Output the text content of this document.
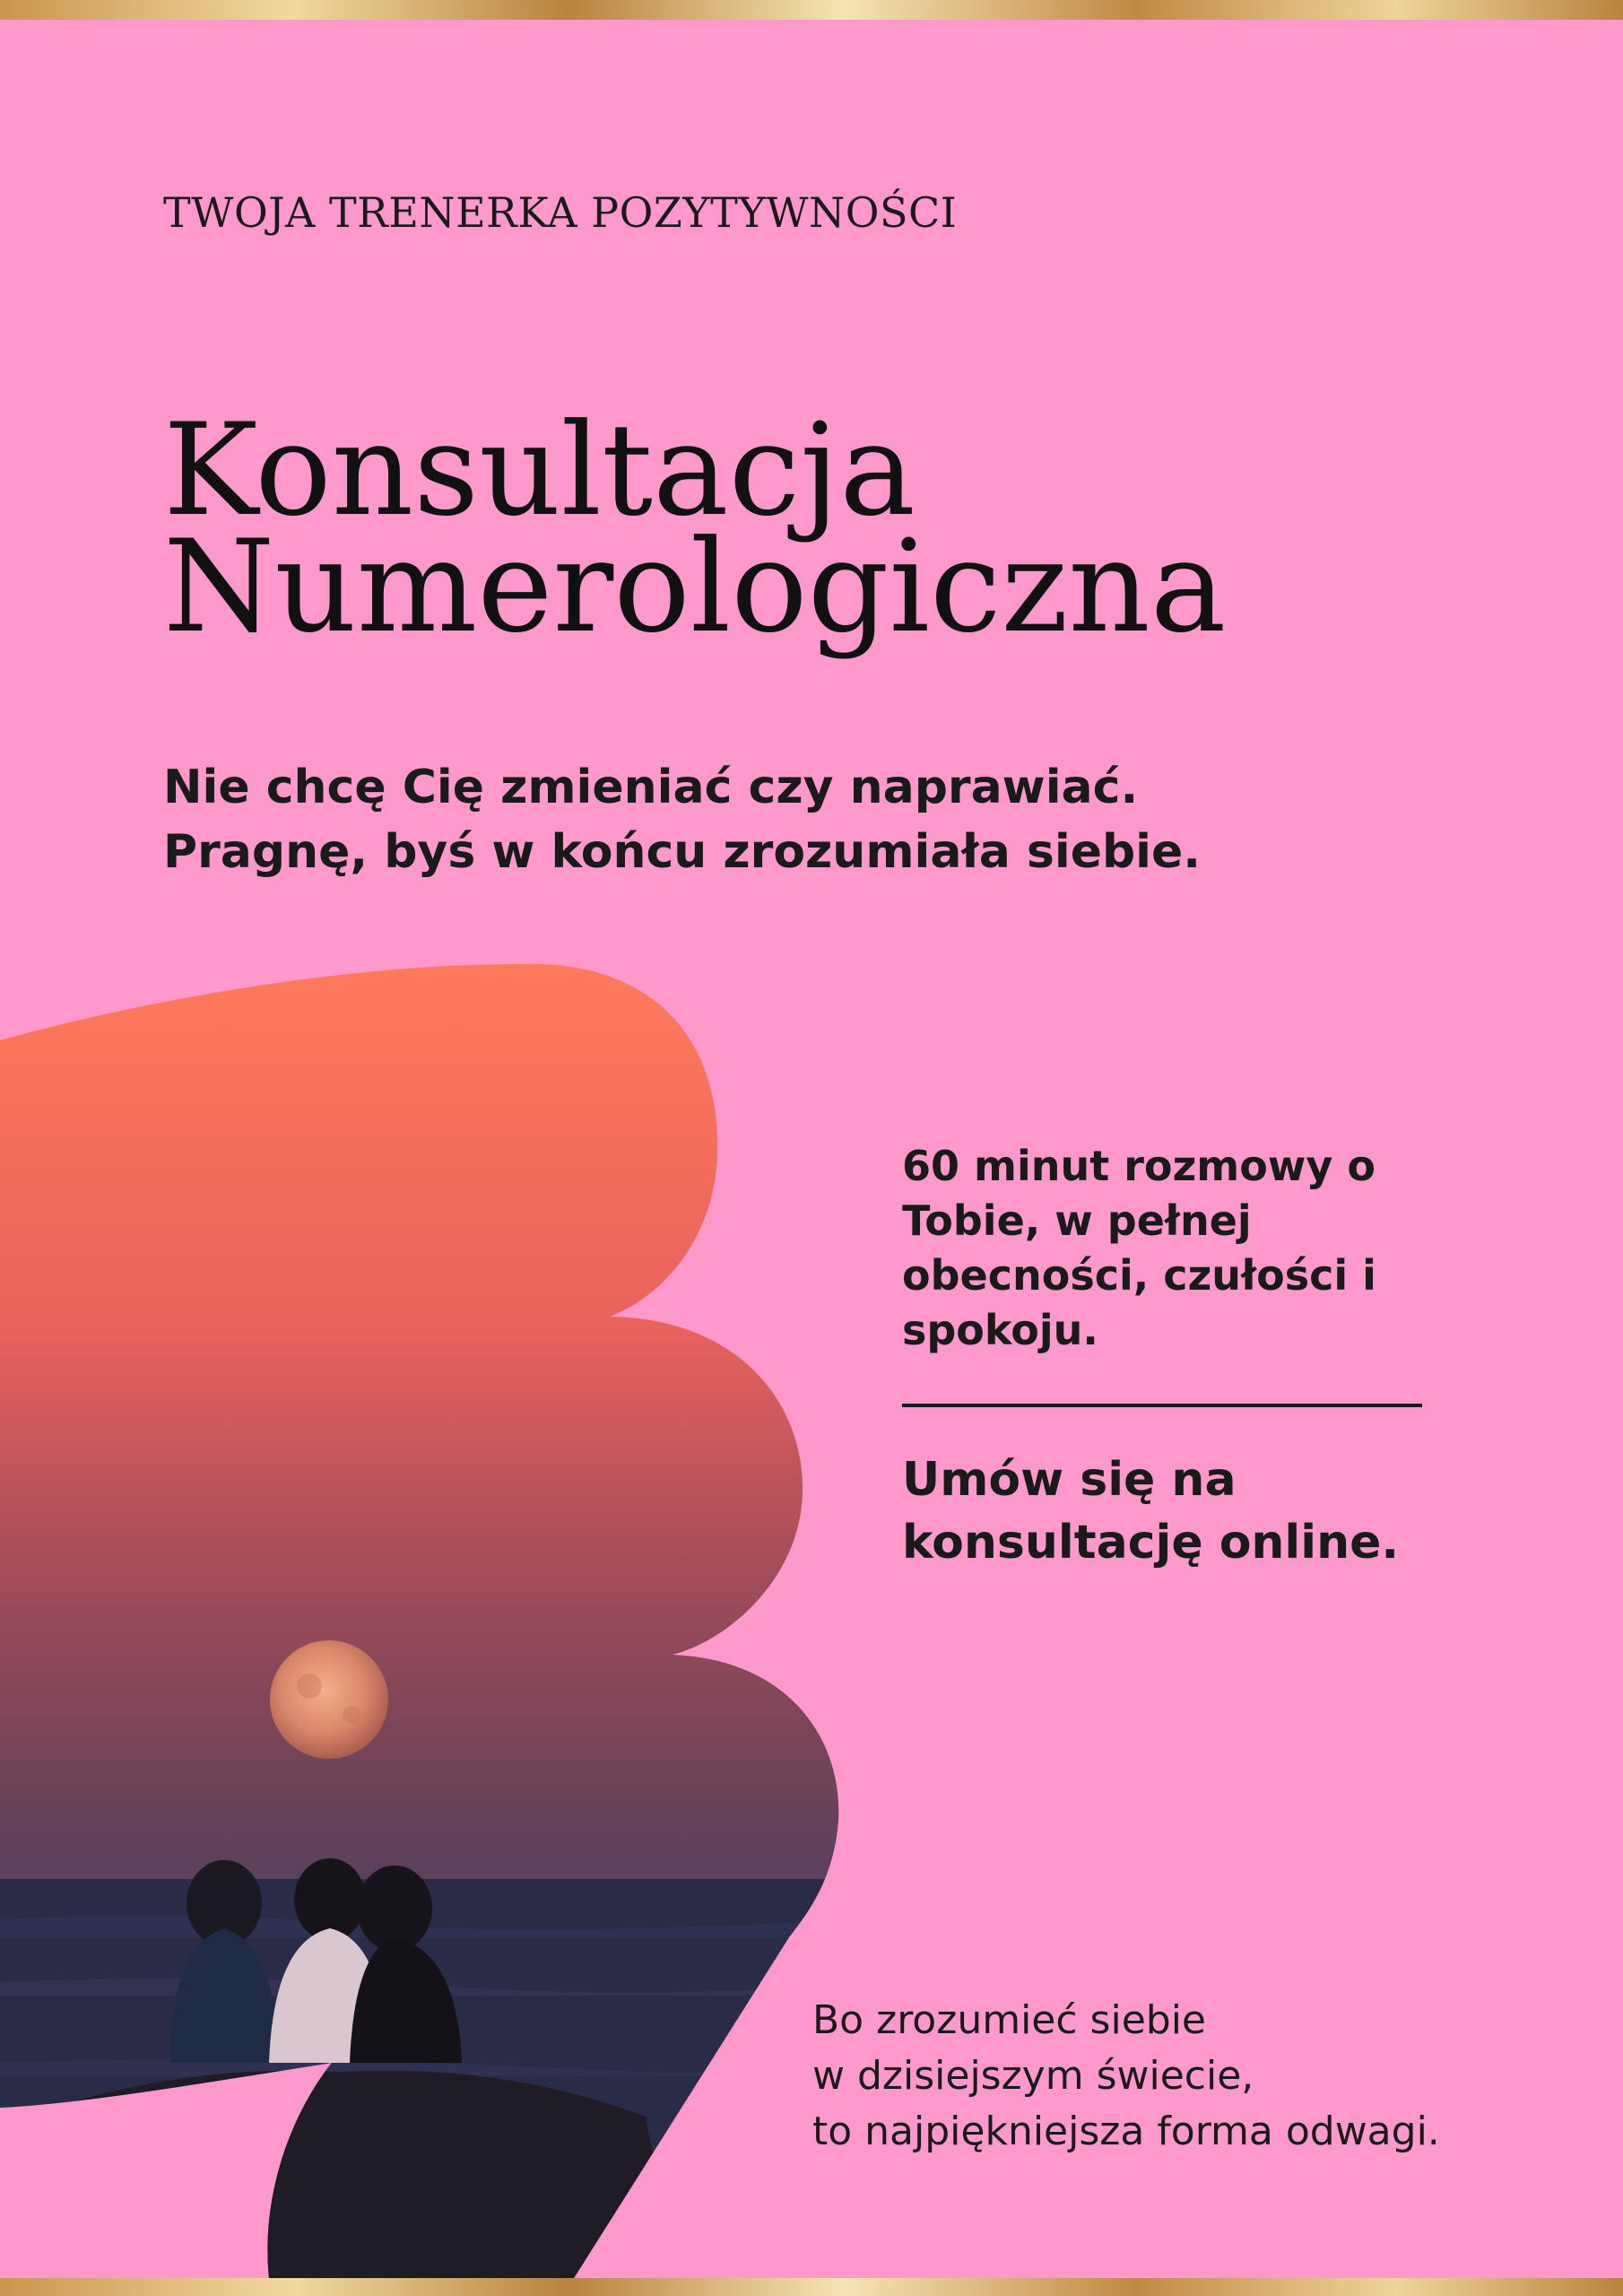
TWOJA TRENERKA POZYTYWNOŚCI
Konsultacja
Numerologiczna
Nie chcę Cię zmieniać czy naprawiać.
Pragnę, byś w końcu zrozumiała siebie.
60 minut rozmowy o Tobie, w pełnej obecności, czułości i spokoju.
Umów się na konsultację online.
Bo zrozumieć siebie
w dzisiejszym świecie,
to najpiękniejsza forma odwagi.
